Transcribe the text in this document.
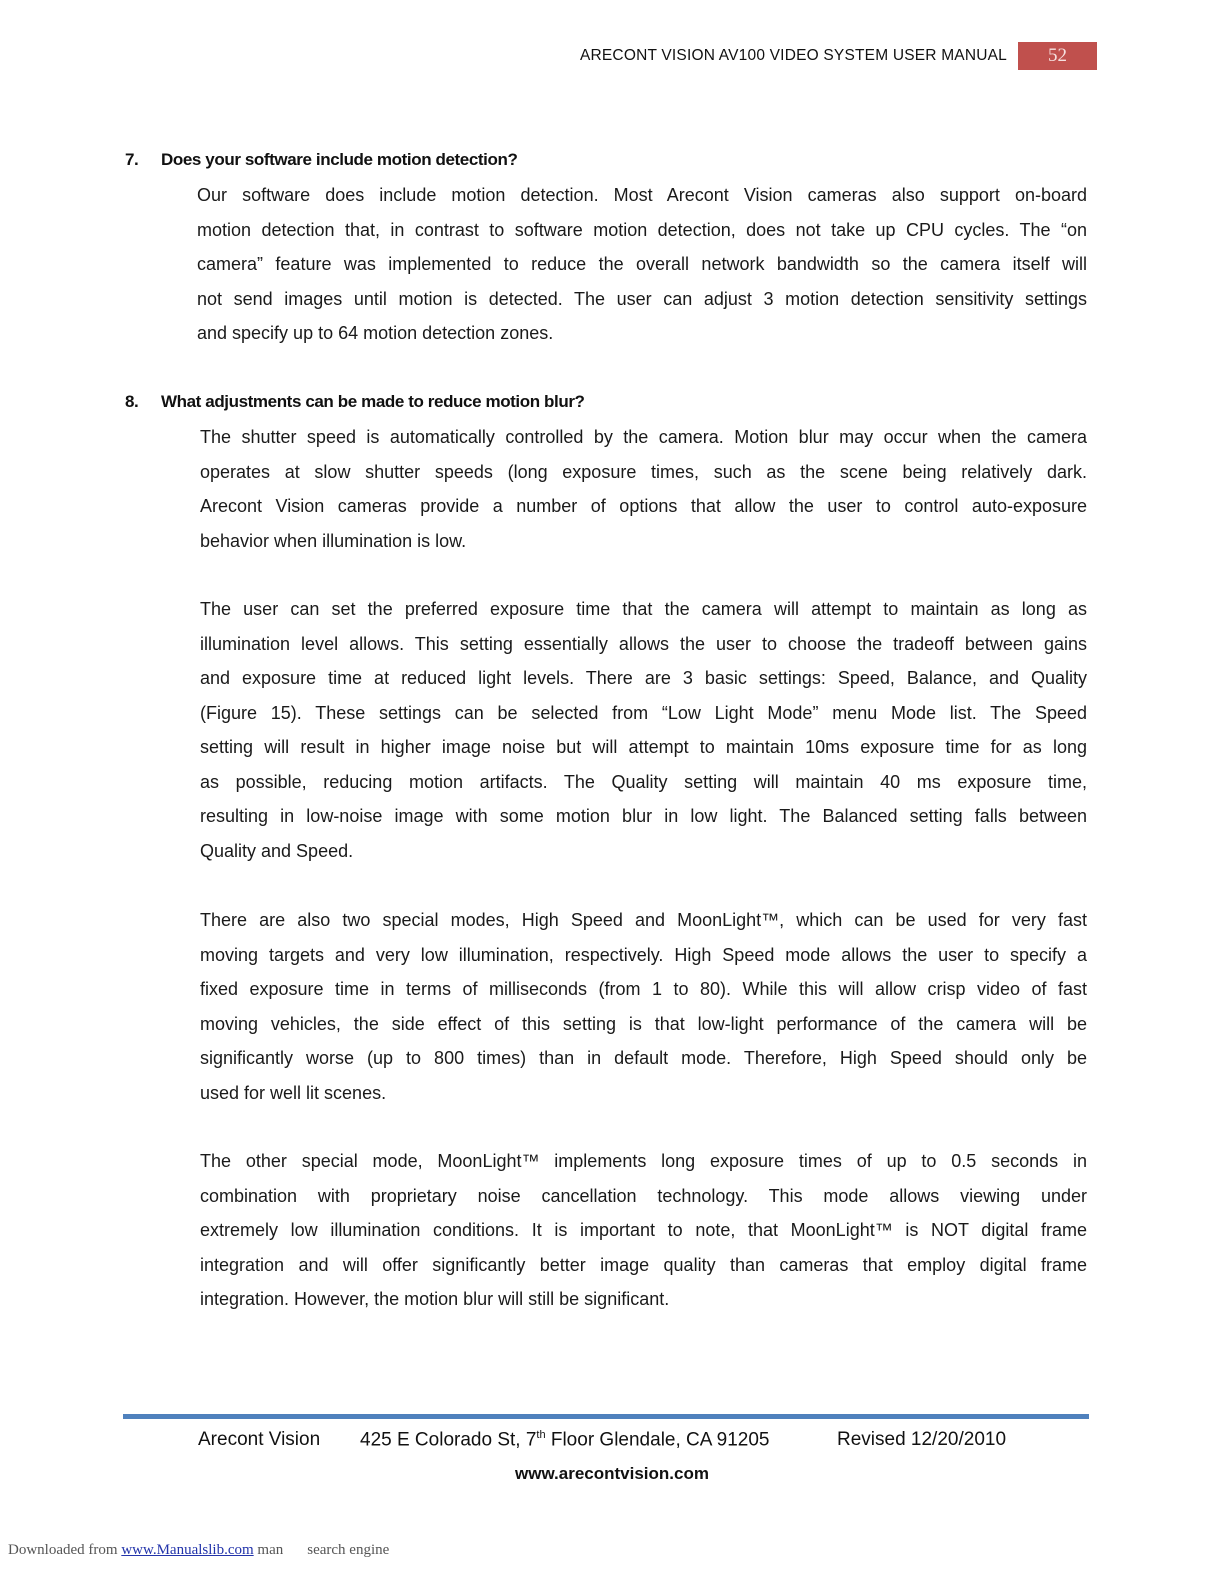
ARECONT VISION AV100 VIDEO SYSTEM USER MANUAL	52
7. Does your software include motion detection?
Our software does include motion detection. Most Arecont Vision cameras also support on-board
motion detection that, in contrast to software motion detection, does not take up CPU cycles. The “on
camera” feature was implemented to reduce the overall network bandwidth so the camera itself will
not send images until motion is detected. The user can adjust 3 motion detection sensitivity settings
and specify up to 64 motion detection zones.
8. What adjustments can be made to reduce motion blur?
The shutter speed is automatically controlled by the camera. Motion blur may occur when the camera
operates at slow shutter speeds (long exposure times, such as the scene being relatively dark.
Arecont Vision cameras provide a number of options that allow the user to control auto-exposure
behavior when illumination is low.
The user can set the preferred exposure time that the camera will attempt to maintain as long as
illumination level allows. This setting essentially allows the user to choose the tradeoff between gains
and exposure time at reduced light levels. There are 3 basic settings: Speed, Balance, and Quality
(Figure 15). These settings can be selected from “Low Light Mode” menu Mode list. The Speed
setting will result in higher image noise but will attempt to maintain 10ms exposure time for as long
as possible, reducing motion artifacts. The Quality setting will maintain 40 ms exposure time,
resulting in low-noise image with some motion blur in low light. The Balanced setting falls between
Quality and Speed.
There are also two special modes, High Speed and MoonLight™, which can be used for very fast
moving targets and very low illumination, respectively. High Speed mode allows the user to specify a
fixed exposure time in terms of milliseconds (from 1 to 80). While this will allow crisp video of fast
moving vehicles, the side effect of this setting is that low-light performance of the camera will be
significantly worse (up to 800 times) than in default mode. Therefore, High Speed should only be
used for well lit scenes.
The other special mode, MoonLight™ implements long exposure times of up to 0.5 seconds in
combination with proprietary noise cancellation technology. This mode allows viewing under
extremely low illumination conditions. It is important to note, that MoonLight™ is NOT digital frame
integration and will offer significantly better image quality than cameras that employ digital frame
integration. However, the motion blur will still be significant.
Arecont Vision 425 E Colorado St, 7th Floor Glendale, CA 91205	Revised 12/20/2010
www.arecontvision.com
Downloaded from www.Manualslib.com man search engine
